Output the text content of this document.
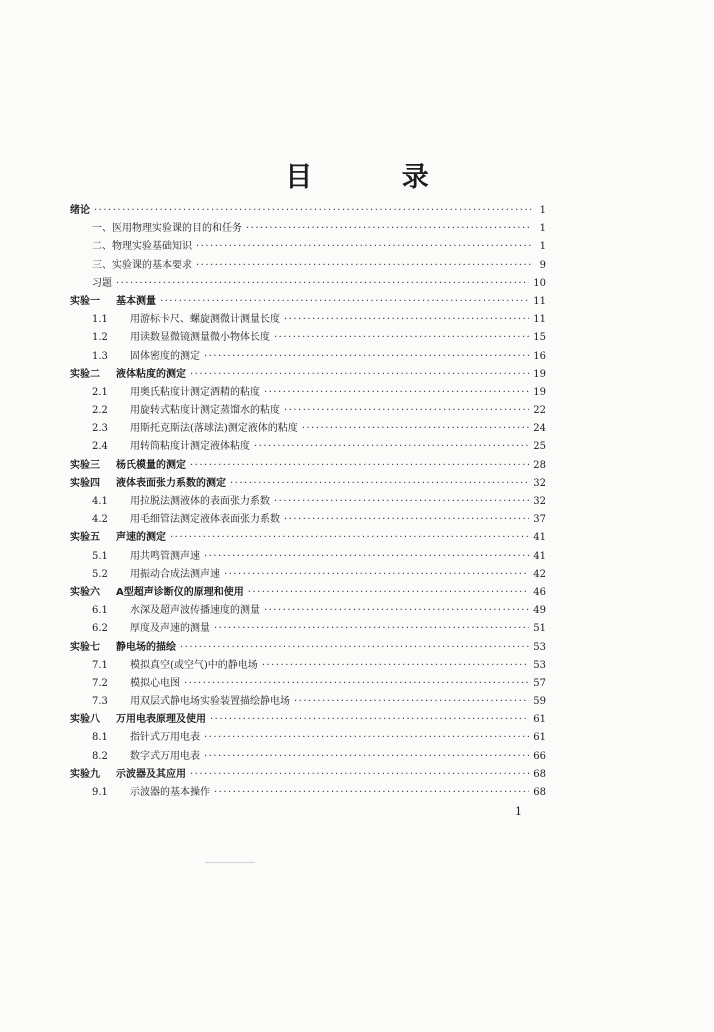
目 录
绪论 ·····	1
一、医用物理实验课的目的和任务 ·····	1
二、物理实验基础知识 ·····	1
三、实验课的基本要求 ·····	9
习题 ·····	10
实验一 基本测量 ·····	11
1.1 用游标卡尺、螺旋测微计测量长度 ·····	11
1.2 用读数显微镜测量微小物体长度 ·····	15
1.3 固体密度的测定 ·····	16
实验二 液体粘度的测定 ·····	19
2.1 用奥氏粘度计测定酒精的粘度 ·····	19
2.2 用旋转式粘度计测定蒸馏水的粘度 ·····	22
2.3 用斯托克斯法(落球法)测定液体的粘度 ·····	24
2.4 用转筒粘度计测定液体粘度 ·····	25
实验三 杨氏模量的测定 ·····	28
实验四 液体表面张力系数的测定 ·····	32
4.1 用拉脱法测液体的表面张力系数 ·····	32
4.2 用毛细管法测定液体表面张力系数 ·····	37
实验五 声速的测定 ·····	41
5.1 用共鸣管测声速 ·····	41
5.2 用振动合成法测声速 ·····	42
实验六 A型超声诊断仪的原理和使用 ·····	46
6.1 水深及超声波传播速度的测量 ·····	49
6.2 厚度及声速的测量 ·····	51
实验七 静电场的描绘 ·····	53
7.1 模拟真空(或空气)中的静电场 ·····	53
7.2 模拟心电图 ·····	57
7.3 用双层式静电场实验装置描绘静电场 ·····	59
实验八 万用电表原理及使用 ·····	61
8.1 指针式万用电表 ·····	61
8.2 数字式万用电表 ·····	66
实验九 示波器及其应用 ·····	68
9.1 示波器的基本操作 ·····	68
1
